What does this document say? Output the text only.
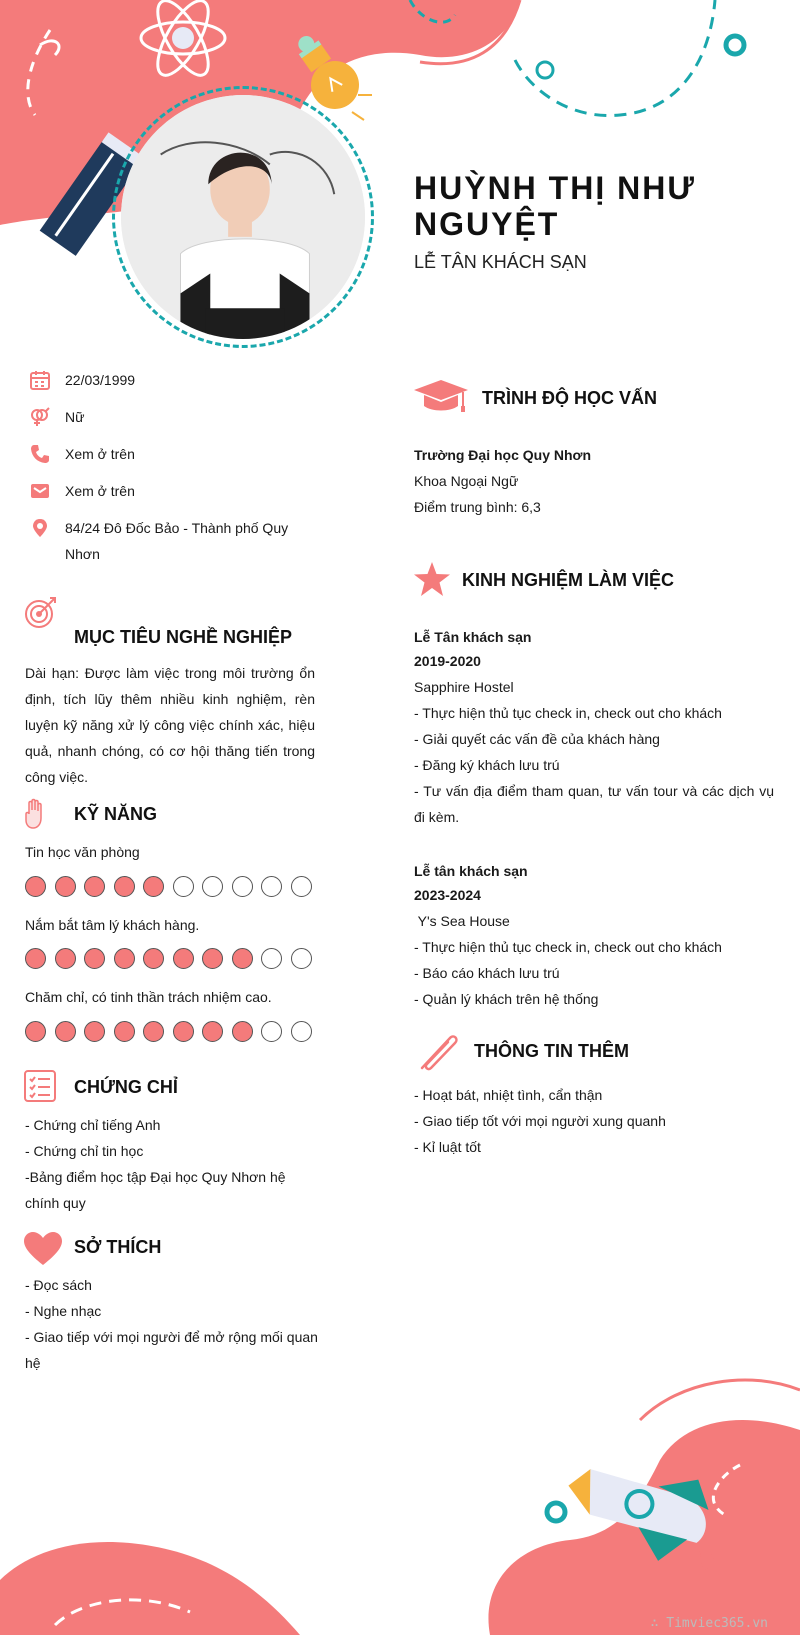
HUỲNH THỊ NHƯ NGUYỆT
LỄ TÂN KHÁCH SẠN
22/03/1999
Nữ
Xem ở trên
Xem ở trên
84/24 Đô Đốc Bảo - Thành phố Quy Nhơn
MỤC TIÊU NGHỀ NGHIỆP
Dài hạn: Được làm việc trong môi trường ổn định, tích lũy thêm nhiều kinh nghiệm, rèn luyện kỹ năng xử lý công việc chính xác, hiệu quả, nhanh chóng, có cơ hội thăng tiến trong công việc.
KỸ NĂNG
Tin học văn phòng
Nắm bắt tâm lý khách hàng.
Chăm chỉ, có tinh thần trách nhiệm cao.
CHỨNG CHỈ
- Chứng chỉ tiếng Anh
- Chứng chỉ tin học
-Bảng điểm học tập Đại học Quy Nhơn hệ chính quy
SỞ THÍCH
- Đọc sách
- Nghe nhạc
- Giao tiếp với mọi người để mở rộng mối quan hệ
TRÌNH ĐỘ HỌC VẤN
Trường Đại học Quy Nhơn
Khoa Ngoại Ngữ
Điểm trung bình: 6,3
KINH NGHIỆM LÀM VIỆC
Lễ Tân khách sạn
2019-2020
Sapphire Hostel
- Thực hiện thủ tục check in, check out cho khách
- Giải quyết các vấn đề của khách hàng
- Đăng ký khách lưu trú
- Tư vấn địa điểm tham quan, tư vấn tour và các dịch vụ đi kèm.
Lễ tân khách sạn
2023-2024
Y's Sea House
- Thực hiện thủ tục check in, check out cho khách
- Báo cáo khách lưu trú
- Quản lý khách trên hệ thống
THÔNG TIN THÊM
- Hoạt bát, nhiệt tình, cẩn thận
- Giao tiếp tốt với mọi người xung quanh
- Kỉ luật tốt
∴ Timviec365.vn
